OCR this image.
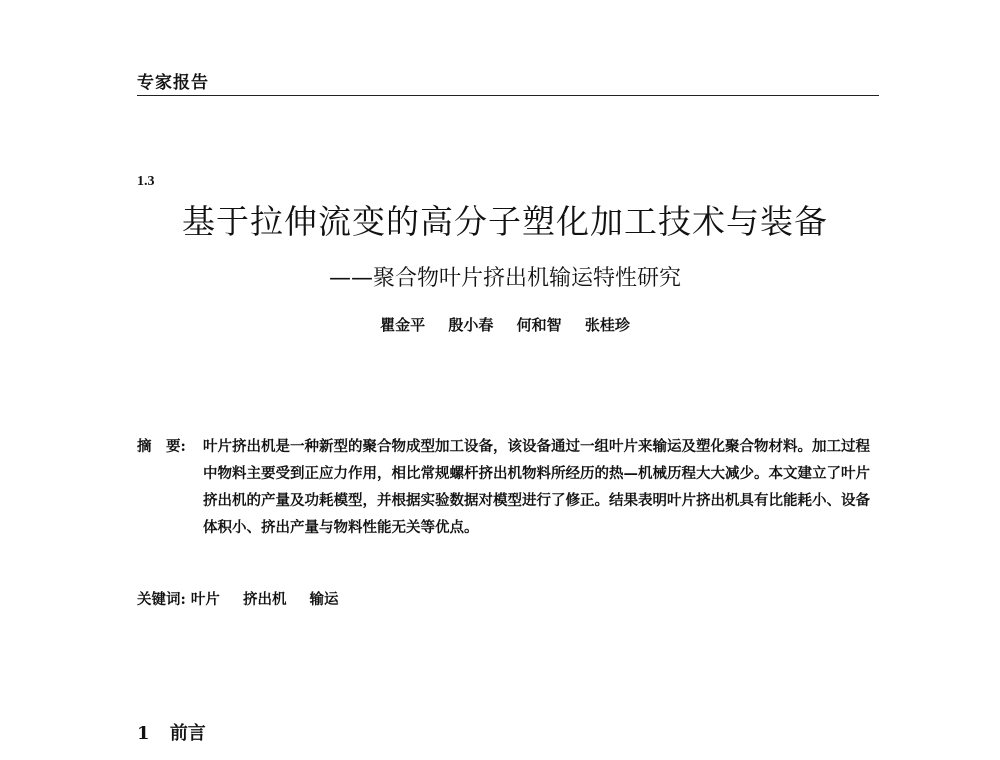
专家报告
1.3
基于拉伸流变的高分子塑化加工技术与装备
——聚合物叶片挤出机输运特性研究
瞿金平 殷小春 何和智 张桂珍
摘　要: 叶片挤出机是一种新型的聚合物成型加工设备，该设备通过一组叶片来输运及塑化聚合物材料。加工过程中物料主要受到正应力作用，相比常规螺杆挤出机物料所经历的热—机械历程大大减少。本文建立了叶片挤出机的产量及功耗模型，并根据实验数据对模型进行了修正。结果表明叶片挤出机具有比能耗小、设备体积小、挤出产量与物料性能无关等优点。
关键词: 叶片 挤出机 输运
1 前言
